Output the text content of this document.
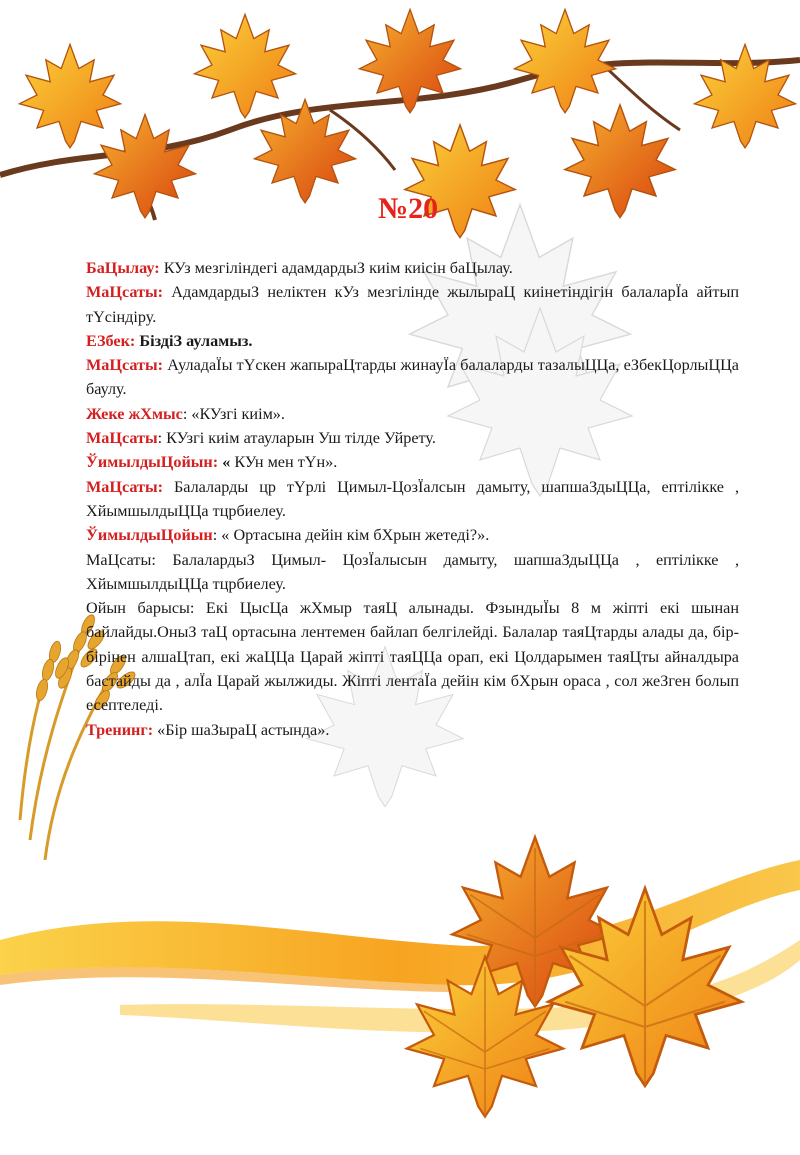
№20

БаЦылау: КУз мезгіліндегі адамдардыЗ киім киісін баЦылау.

МаЦсаты: АдамдардыЗ неліктен кУз мезгілінде жылыраЦ киінетіндігін балаларЇа айтып тYсіндіру.

ЕЗбек: БіздіЗ ауламыз.

МаЦсаты: АуладаЇы тYскен жапыраЦтарды жинауЇа балаларды тазалыЦЦа, еЗбекЦорлыЦЦа баулу.

Жеке жХмыс: «КУзгі киім».

МаЦсаты: КУзгі киім атауларын Уш тілде Уйрету.

ЎимылдыЦойын: « КУн мен тYн».

МаЦсаты: Балаларды цр тYрлі Цимыл-ЦозЇалсын дамыту, шапшаЗдыЦЦа, ептілікке , ХйымшылдыЦЦа тцрбиелеу.

ЎимылдыЦойын: « Ортасына дейін кім бХрын жетеді?».

МаЦсаты: БалалардыЗ Цимыл- ЦозЇалысын дамыту, шапшаЗдыЦЦа , ептілікке , ХйымшылдыЦЦа тцрбиелеу.

Ойын барысы: Екі ЦысЦа жХмыр таяЦ алынады. ФзындыЇы 8 м жіпті екі шынан байлайды.ОныЗ таЦ ортасына лентемен байлап белгілейді. Балалар таяЦтарды алады да, бір-бірінен алшаЦтап, екі жаЦЦа Царай жіпті таяЦЦа орап, екі Цолдарымен таяЦты айналдыра бастайды да , алЇа Царай жылжиды. Жіпті лентаЇа дейін кім бХрын ораса , сол жеЗген болып есептеледі.

Тренинг: «Бір шаЗыраЦ астында».
